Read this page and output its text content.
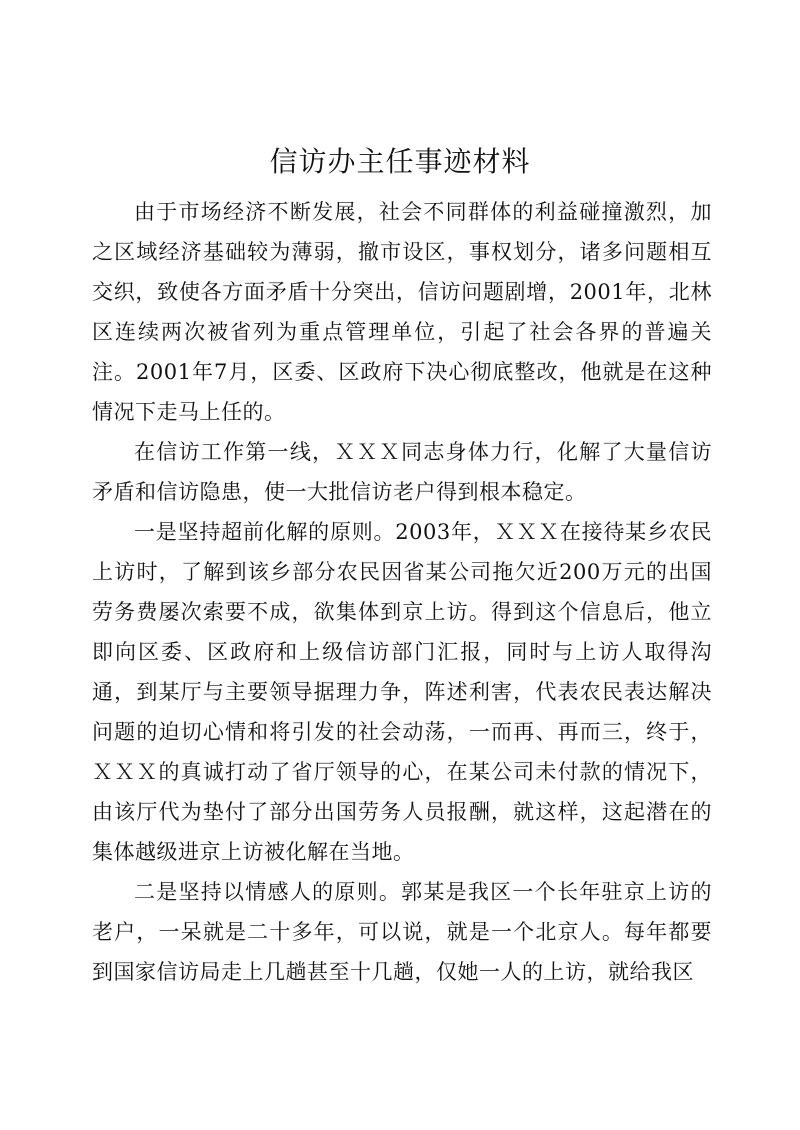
信访办主任事迹材料

由于市场经济不断发展，社会不同群体的利益碰撞激烈，加之区域经济基础较为薄弱，撤市设区，事权划分，诸多问题相互交织，致使各方面矛盾十分突出，信访问题剧增，2001年，北林区连续两次被省列为重点管理单位，引起了社会各界的普遍关注。2001年7月，区委、区政府下决心彻底整改，他就是在这种情况下走马上任的。

在信访工作第一线，ＸＸＸ同志身体力行，化解了大量信访矛盾和信访隐患，使一大批信访老户得到根本稳定。

一是坚持超前化解的原则。2003年，ＸＸＸ在接待某乡农民上访时，了解到该乡部分农民因省某公司拖欠近200万元的出国劳务费屡次索要不成，欲集体到京上访。得到这个信息后，他立即向区委、区政府和上级信访部门汇报，同时与上访人取得沟通，到某厅与主要领导据理力争，阵述利害，代表农民表达解决问题的迫切心情和将引发的社会动荡，一而再、再而三，终于，ＸＸＸ的真诚打动了省厅领导的心，在某公司未付款的情况下，由该厅代为垫付了部分出国劳务人员报酬，就这样，这起潜在的集体越级进京上访被化解在当地。

二是坚持以情感人的原则。郭某是我区一个长年驻京上访的老户，一呆就是二十多年，可以说，就是一个北京人。每年都要到国家信访局走上几趟甚至十几趟，仅她一人的上访，就给我区
